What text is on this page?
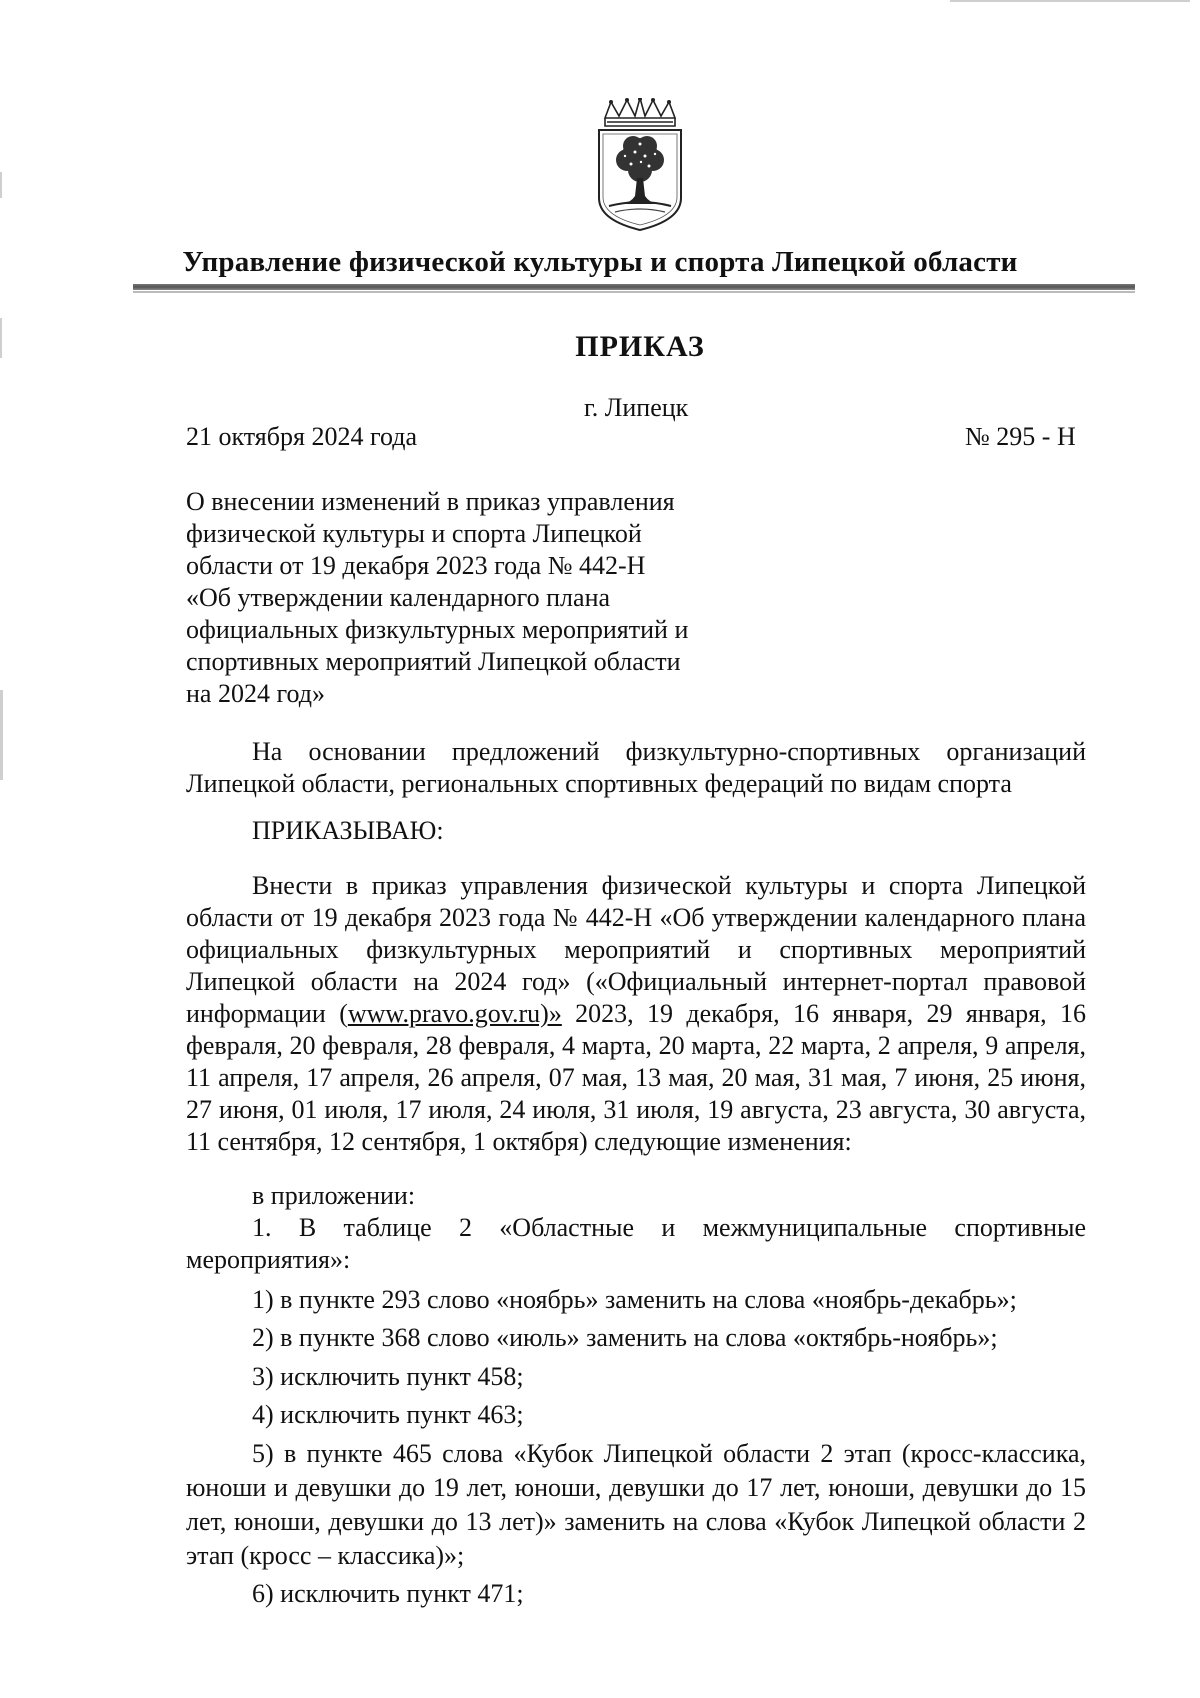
Управление физической культуры и спорта Липецкой области
ПРИКАЗ
г. Липецк
21 октября 2024 года	№ 295 - Н
О внесении изменений в приказ управления
физической культуры и спорта Липецкой
области от 19 декабря 2023 года № 442-Н
«Об утверждении календарного плана
официальных физкультурных мероприятий и
спортивных мероприятий Липецкой области
на 2024 год»
На основании предложений физкультурно-спортивных организаций Липецкой области, региональных спортивных федераций по видам спорта
ПРИКАЗЫВАЮ:
Внести в приказ управления физической культуры и спорта Липецкой области от 19 декабря 2023 года № 442-Н «Об утверждении календарного плана официальных физкультурных мероприятий и спортивных мероприятий Липецкой области на 2024 год» («Официальный интернет-портал правовой информации (www.pravo.gov.ru)» 2023, 19 декабря, 16 января, 29 января, 16 февраля, 20 февраля, 28 февраля, 4 марта, 20 марта, 22 марта, 2 апреля, 9 апреля, 11 апреля, 17 апреля, 26 апреля, 07 мая, 13 мая, 20 мая, 31 мая, 7 июня, 25 июня, 27 июня, 01 июля, 17 июля, 24 июля, 31 июля, 19 августа, 23 августа, 30 августа, 11 сентября, 12 сентября, 1 октября) следующие изменения:
в приложении:
1. В таблице 2 «Областные и межмуниципальные спортивные мероприятия»:
1) в пункте 293 слово «ноябрь» заменить на слова «ноябрь-декабрь»;
2) в пункте 368 слово «июль» заменить на слова «октябрь-ноябрь»;
3) исключить пункт 458;
4) исключить пункт 463;
5) в пункте 465 слова «Кубок Липецкой области 2 этап (кросс-классика, юноши и девушки до 19 лет, юноши, девушки до 17 лет, юноши, девушки до 15 лет, юноши, девушки до 13 лет)» заменить на слова «Кубок Липецкой области 2 этап (кросс – классика)»;
6) исключить пункт 471;
